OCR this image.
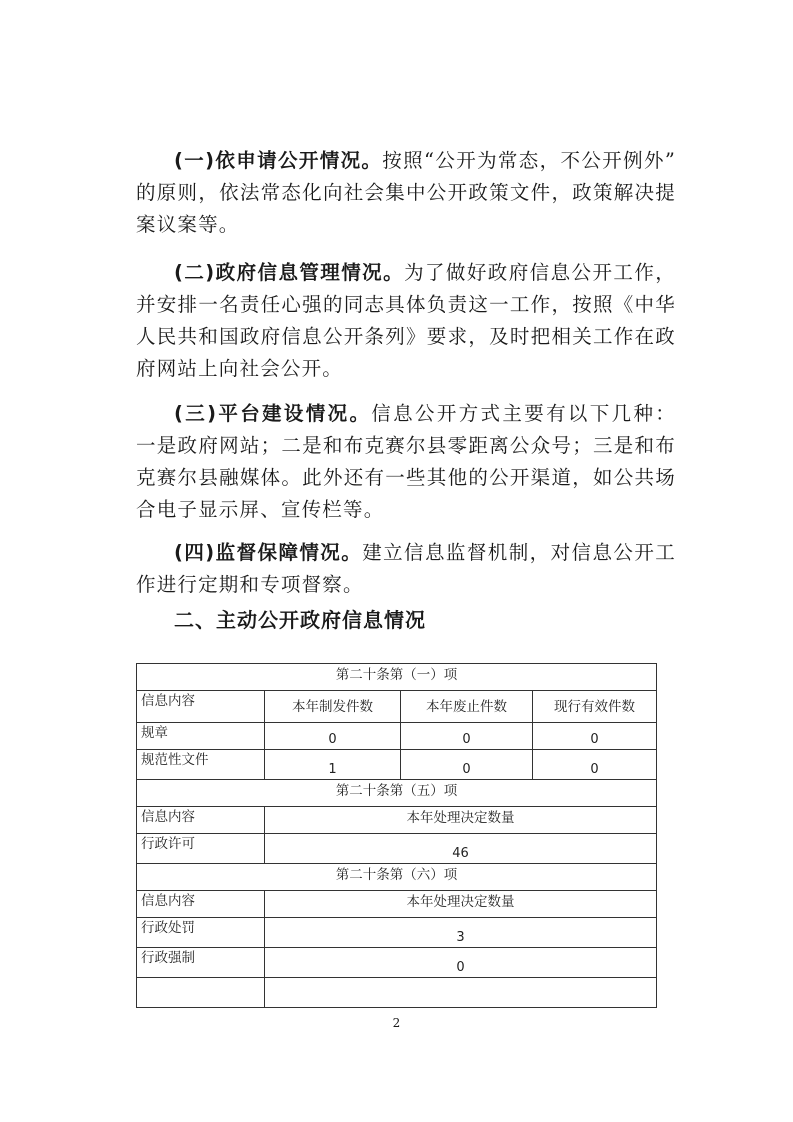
(一)依申请公开情况。按照“公开为常态，不公开例外” 的原则，依法常态化向社会集中公开政策文件，政策解决提案议案等。

(二)政府信息管理情况。为了做好政府信息公开工作，并安排一名责任心强的同志具体负责这一工作，按照《中华人民共和国政府信息公开条列》要求，及时把相关工作在政府网站上向社会公开。

(三)平台建设情况。信息公开方式主要有以下几种： 一是政府网站；二是和布克赛尔县零距离公众号；三是和布克赛尔县融媒体。此外还有一些其他的公开渠道，如公共场合电子显示屏、宣传栏等。

(四)监督保障情况。建立信息监督机制，对信息公开工作进行定期和专项督察。

二、主动公开政府信息情况
第二十条第（一）项			
信息内容	本年制发件数	本年废止件数	现行有效件数
规章	0	0	0
规范性文件	1	0	0
第二十条第（五）项			
信息内容	本年处理决定数量		
行政许可	46		
第二十条第（六）项			
信息内容	本年处理决定数量		
行政处罚	3		
行政强制	0		

2
